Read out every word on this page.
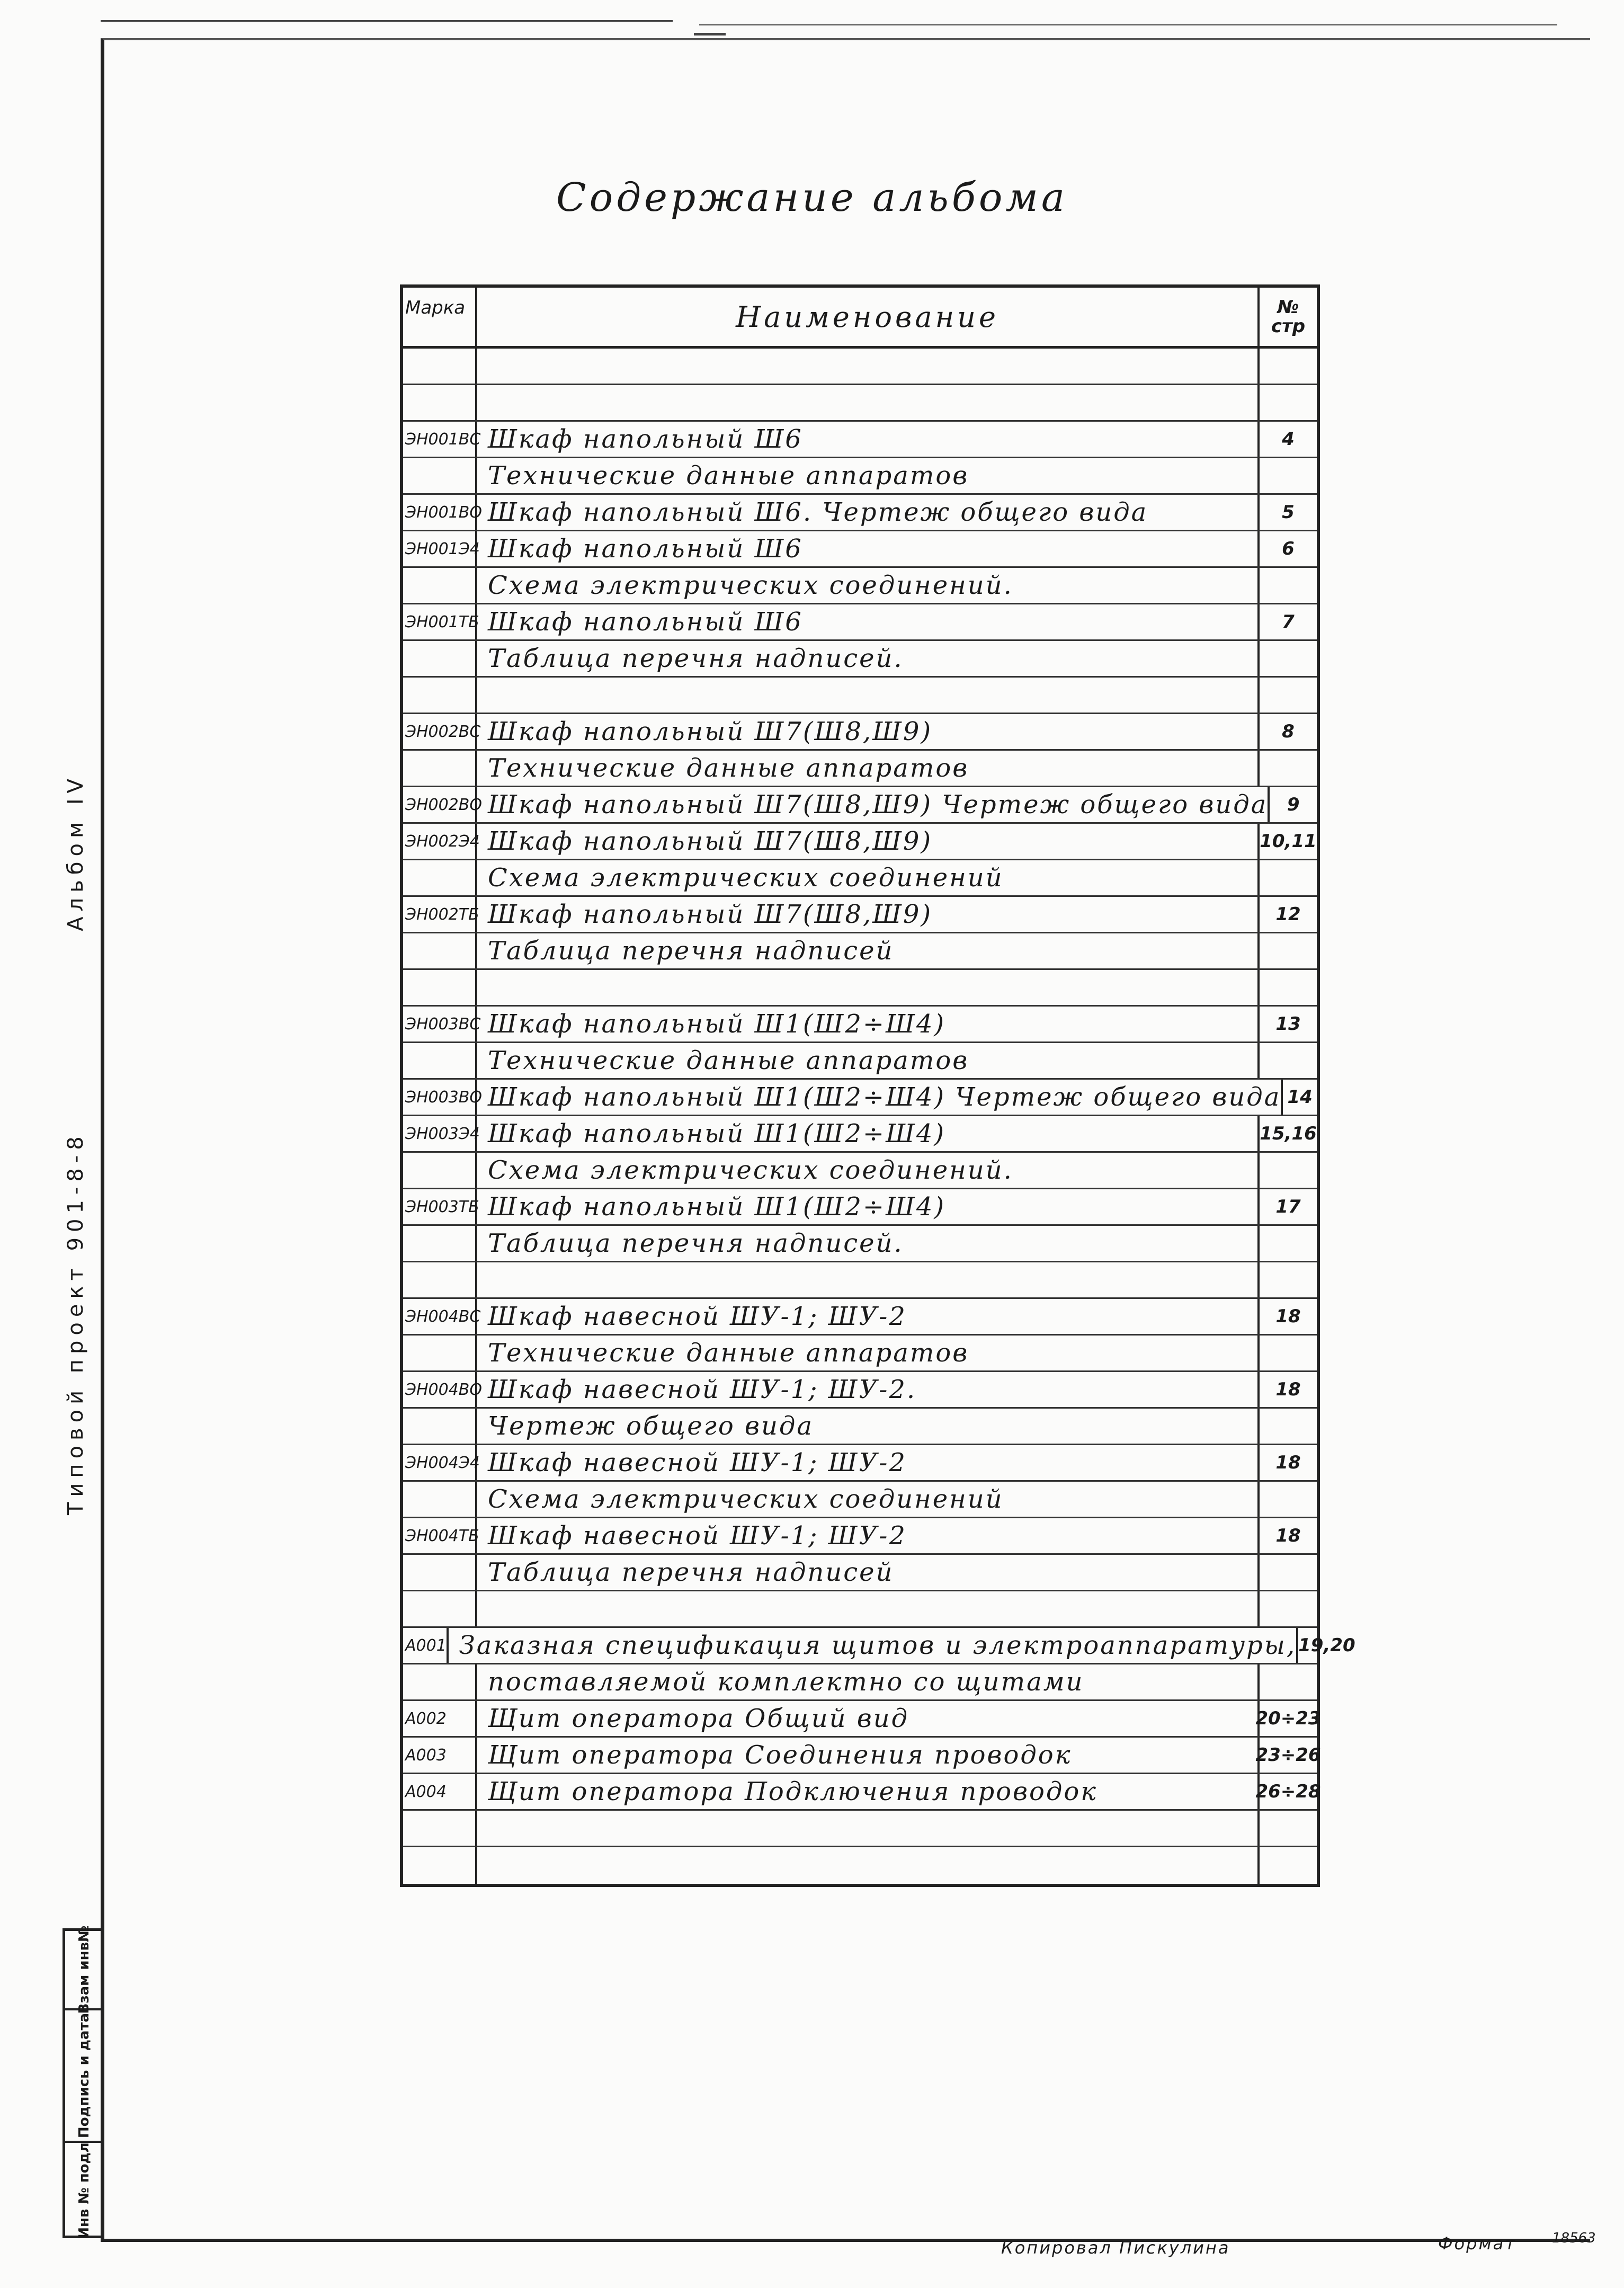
Содержание альбома
Марка	Наименование	№
стр
ЭН001ВС Шкаф напольный Ш6	4
Технические данные аппаратов
ЭН001ВО Шкаф напольный Ш6. Чертеж общего вида	5
ЭН001Э4 Шкаф напольный Ш6	6
Схема электрических соединений.
ЭН001ТБ Шкаф напольный Ш6	7
Таблица перечня надписей.
ЭН002ВС Шкаф напольный Ш7(Ш8,Ш9)	8
Технические данные аппаратов
ЭН002ВО Шкаф напольный Ш7(Ш8,Ш9) Чертеж общего вида	9
ЭН002Э4 Шкаф напольный Ш7(Ш8,Ш9)	10,11
Схема электрических соединений
ЭН002ТБ Шкаф напольный Ш7(Ш8,Ш9)	12
Таблица перечня надписей
ЭН003ВС Шкаф напольный Ш1(Ш2÷Ш4)	13
Технические данные аппаратов
ЭН003ВО Шкаф напольный Ш1(Ш2÷Ш4) Чертеж общего вида 14
ЭН003Э4 Шкаф напольный Ш1(Ш2÷Ш4)	15,16
Схема электрических соединений.
ЭН003ТБ Шкаф напольный Ш1(Ш2÷Ш4)	17
Таблица перечня надписей.
ЭН004ВС Шкаф навесной ШУ-1; ШУ-2	18
Технические данные аппаратов
ЭН004ВО Шкаф навесной ШУ-1; ШУ-2.	18
Чертеж общего вида
ЭН004Э4 Шкаф навесной ШУ-1; ШУ-2	18
Схема электрических соединений
ЭН004ТБ Шкаф навесной ШУ-1; ШУ-2	18
Таблица перечня надписей
А001 Заказная спецификация щитов и электроаппаратуры, 19,20
поставляемой комплектно со щитами
А002	Щит оператора Общий вид	20÷23
А003	Щит оператора Соединения проводок	23÷26
А004	Щит оператора Подключения проводок	26÷28
Типовой проект 901-8-8
Альбом IV
Взам инв№
Подпись и дата
Инв № подл
Копировал Пискулина	Формат	18563
